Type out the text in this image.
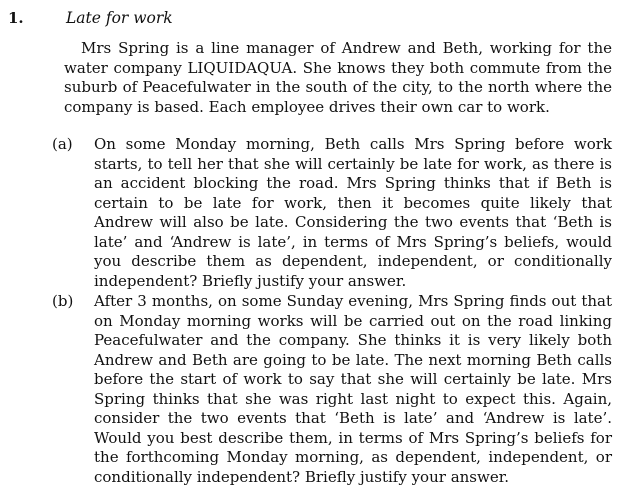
1.	Late for work

Mrs Spring is a line manager of Andrew and Beth, working for the water company LIQUIDAQUA. She knows they both commute from the suburb of Peacefulwater in the south of the city, to the north where the company is based. Each employee drives their own car to work.

(a) On some Monday morning, Beth calls Mrs Spring before work starts, to tell her that she will certainly be late for work, as there is an accident blocking the road. Mrs Spring thinks that if Beth is certain to be late for work, then it becomes quite likely that Andrew will also be late. Considering the two events that ‘Beth is late’ and ‘Andrew is late’, in terms of Mrs Spring’s beliefs, would you describe them as dependent, independent, or conditionally independent? Briefly justify your answer.

(b) After 3 months, on some Sunday evening, Mrs Spring finds out that on Monday morning works will be carried out on the road linking Peacefulwater and the company. She thinks it is very likely both Andrew and Beth are going to be late. The next morning Beth calls before the start of work to say that she will certainly be late. Mrs Spring thinks that she was right last night to expect this. Again, consider the two events that ‘Beth is late’ and ‘Andrew is late’. Would you best describe them, in terms of Mrs Spring’s beliefs for the forthcoming Monday morning, as dependent, independent, or conditionally independent? Briefly justify your answer.
